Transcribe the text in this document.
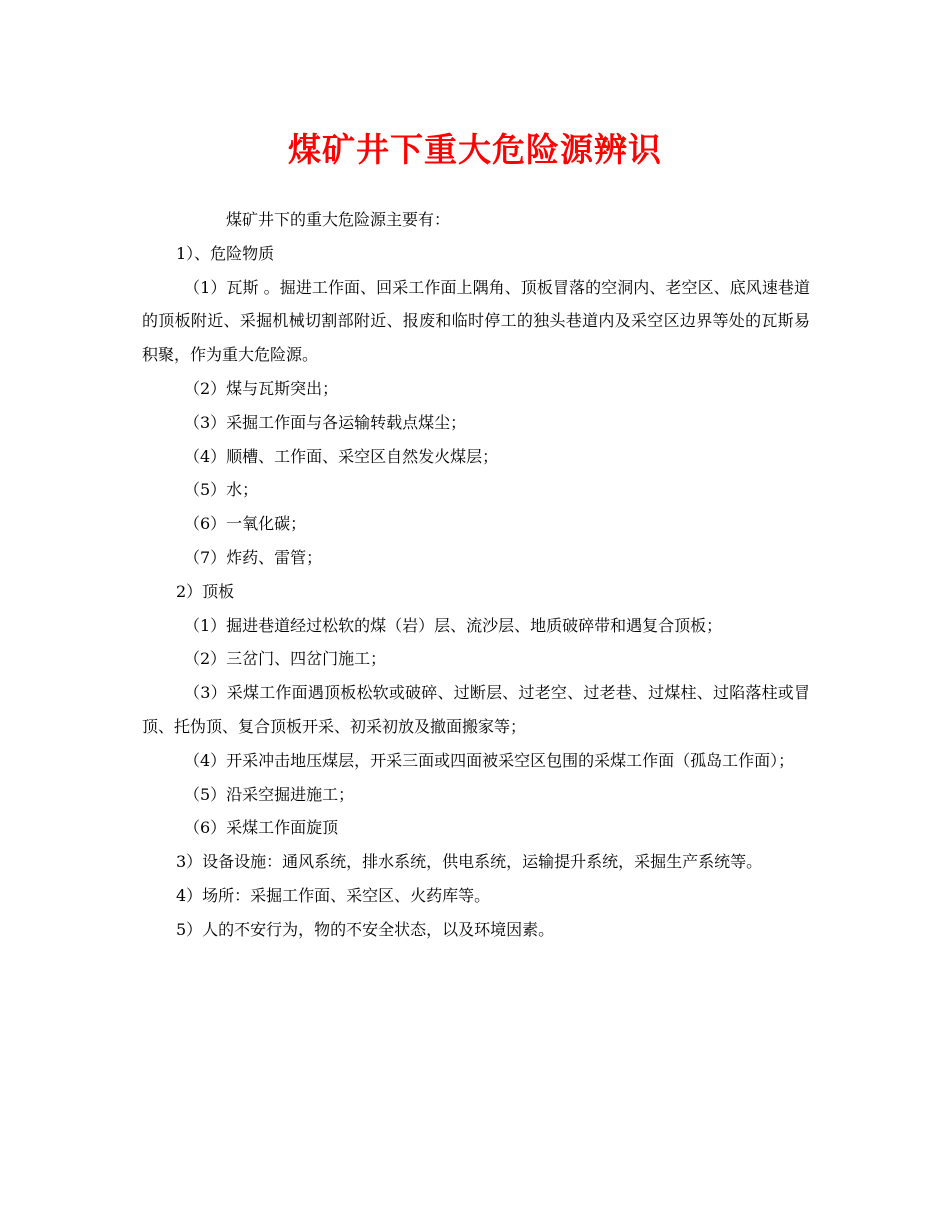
煤矿井下重大危险源辨识

煤矿井下的重大危险源主要有：

1）、危险物质

（1）瓦斯 。掘进工作面、回采工作面上隅角、顶板冒落的空洞内、老空区、底风速巷道的顶板附近、采掘机械切割部附近、报废和临时停工的独头巷道内及采空区边界等处的瓦斯易积聚，作为重大危险源。

（2）煤与瓦斯突出；

（3）采掘工作面与各运输转载点煤尘；

（4）顺槽、工作面、采空区自然发火煤层；

（5）水；

（6）一氧化碳；

（7）炸药、雷管；

2）顶板

（1）掘进巷道经过松软的煤（岩）层、流沙层、地质破碎带和遇复合顶板；

（2）三岔门、四岔门施工；

（3）采煤工作面遇顶板松软或破碎、过断层、过老空、过老巷、过煤柱、过陷落柱或冒顶、托伪顶、复合顶板开采、初采初放及撤面搬家等；

（4）开采冲击地压煤层，开采三面或四面被采空区包围的采煤工作面（孤岛工作面）；

（5）沿采空掘进施工；

（6）采煤工作面旋顶

3）设备设施：通风系统，排水系统，供电系统，运输提升系统，采掘生产系统等。

4）场所：采掘工作面、采空区、火药库等。

5）人的不安行为，物的不安全状态，以及环境因素。
